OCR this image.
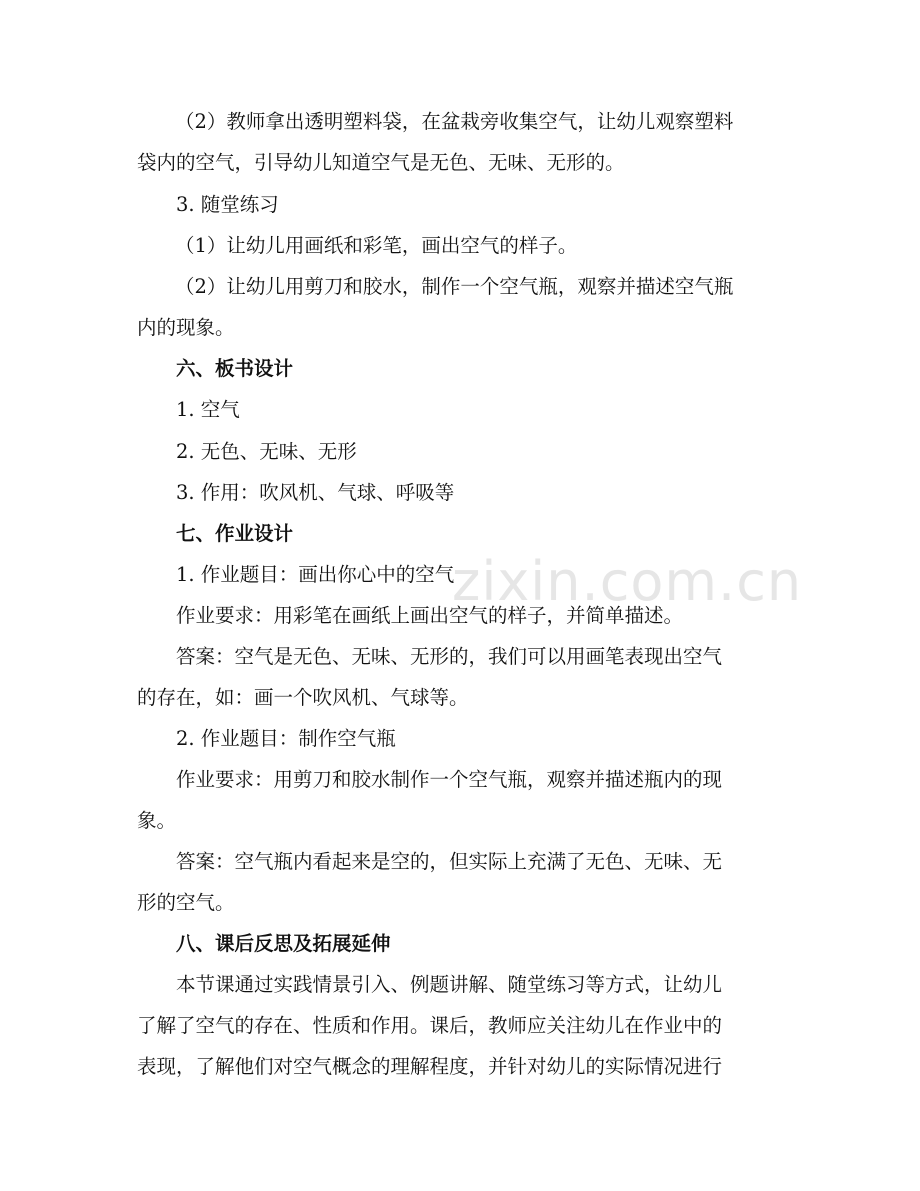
zixin.com.cn
（2）教师拿出透明塑料袋，在盆栽旁收集空气，让幼儿观察塑料
袋内的空气，引导幼儿知道空气是无色、无味、无形的。
3. 随堂练习
（1）让幼儿用画纸和彩笔，画出空气的样子。
（2）让幼儿用剪刀和胶水，制作一个空气瓶，观察并描述空气瓶
内的现象。
六、板书设计
1. 空气
2. 无色、无味、无形
3. 作用：吹风机、气球、呼吸等
七、作业设计
1. 作业题目：画出你心中的空气
作业要求：用彩笔在画纸上画出空气的样子，并简单描述。
答案：空气是无色、无味、无形的，我们可以用画笔表现出空气
的存在，如：画一个吹风机、气球等。
2. 作业题目：制作空气瓶
作业要求：用剪刀和胶水制作一个空气瓶，观察并描述瓶内的现
象。
答案：空气瓶内看起来是空的，但实际上充满了无色、无味、无
形的空气。
八、课后反思及拓展延伸
本节课通过实践情景引入、例题讲解、随堂练习等方式，让幼儿
了解了空气的存在、性质和作用。课后，教师应关注幼儿在作业中的
表现，了解他们对空气概念的理解程度，并针对幼儿的实际情况进行
